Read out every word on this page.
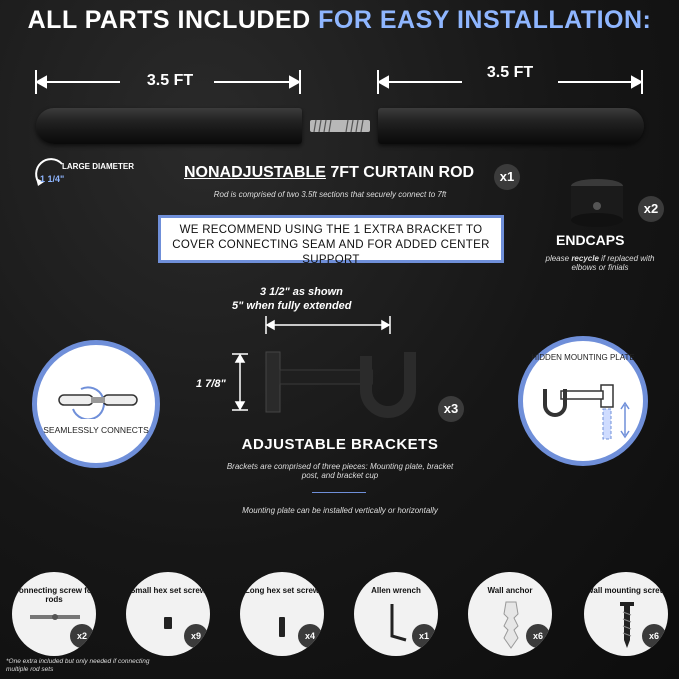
ALL PARTS INCLUDED FOR EASY INSTALLATION:
3.5 FT	3.5 FT
LARGE DIAMETER
1 1/4"	NONADJUSTABLE 7FT CURTAIN ROD	x1
Rod is comprised of two 3.5ft sections that securely connect to 7ft
WE RECOMMEND USING THE 1 EXTRA BRACKET TO COVER CONNECTING SEAM AND FOR ADDED CENTER SUPPORT
x2
ENDCAPS
please recycle if replaced with elbows or finials
SEAMLESSLY CONNECTS
3 1/2" as shown
5" when fully extended
1 7/8"
x3
ADJUSTABLE BRACKETS
Brackets are comprised of three pieces: Mounting plate, bracket post, and bracket cup
Mounting plate can be installed vertically or horizontally
HIDDEN MOUNTING PLATE
Connecting screw for rods
x2
Small hex set screw
x9
Long hex set screw
x4
Allen wrench
x1
Wall anchor
x6
Wall mounting screw
x6
*One extra included but only needed if connecting multiple rod sets
